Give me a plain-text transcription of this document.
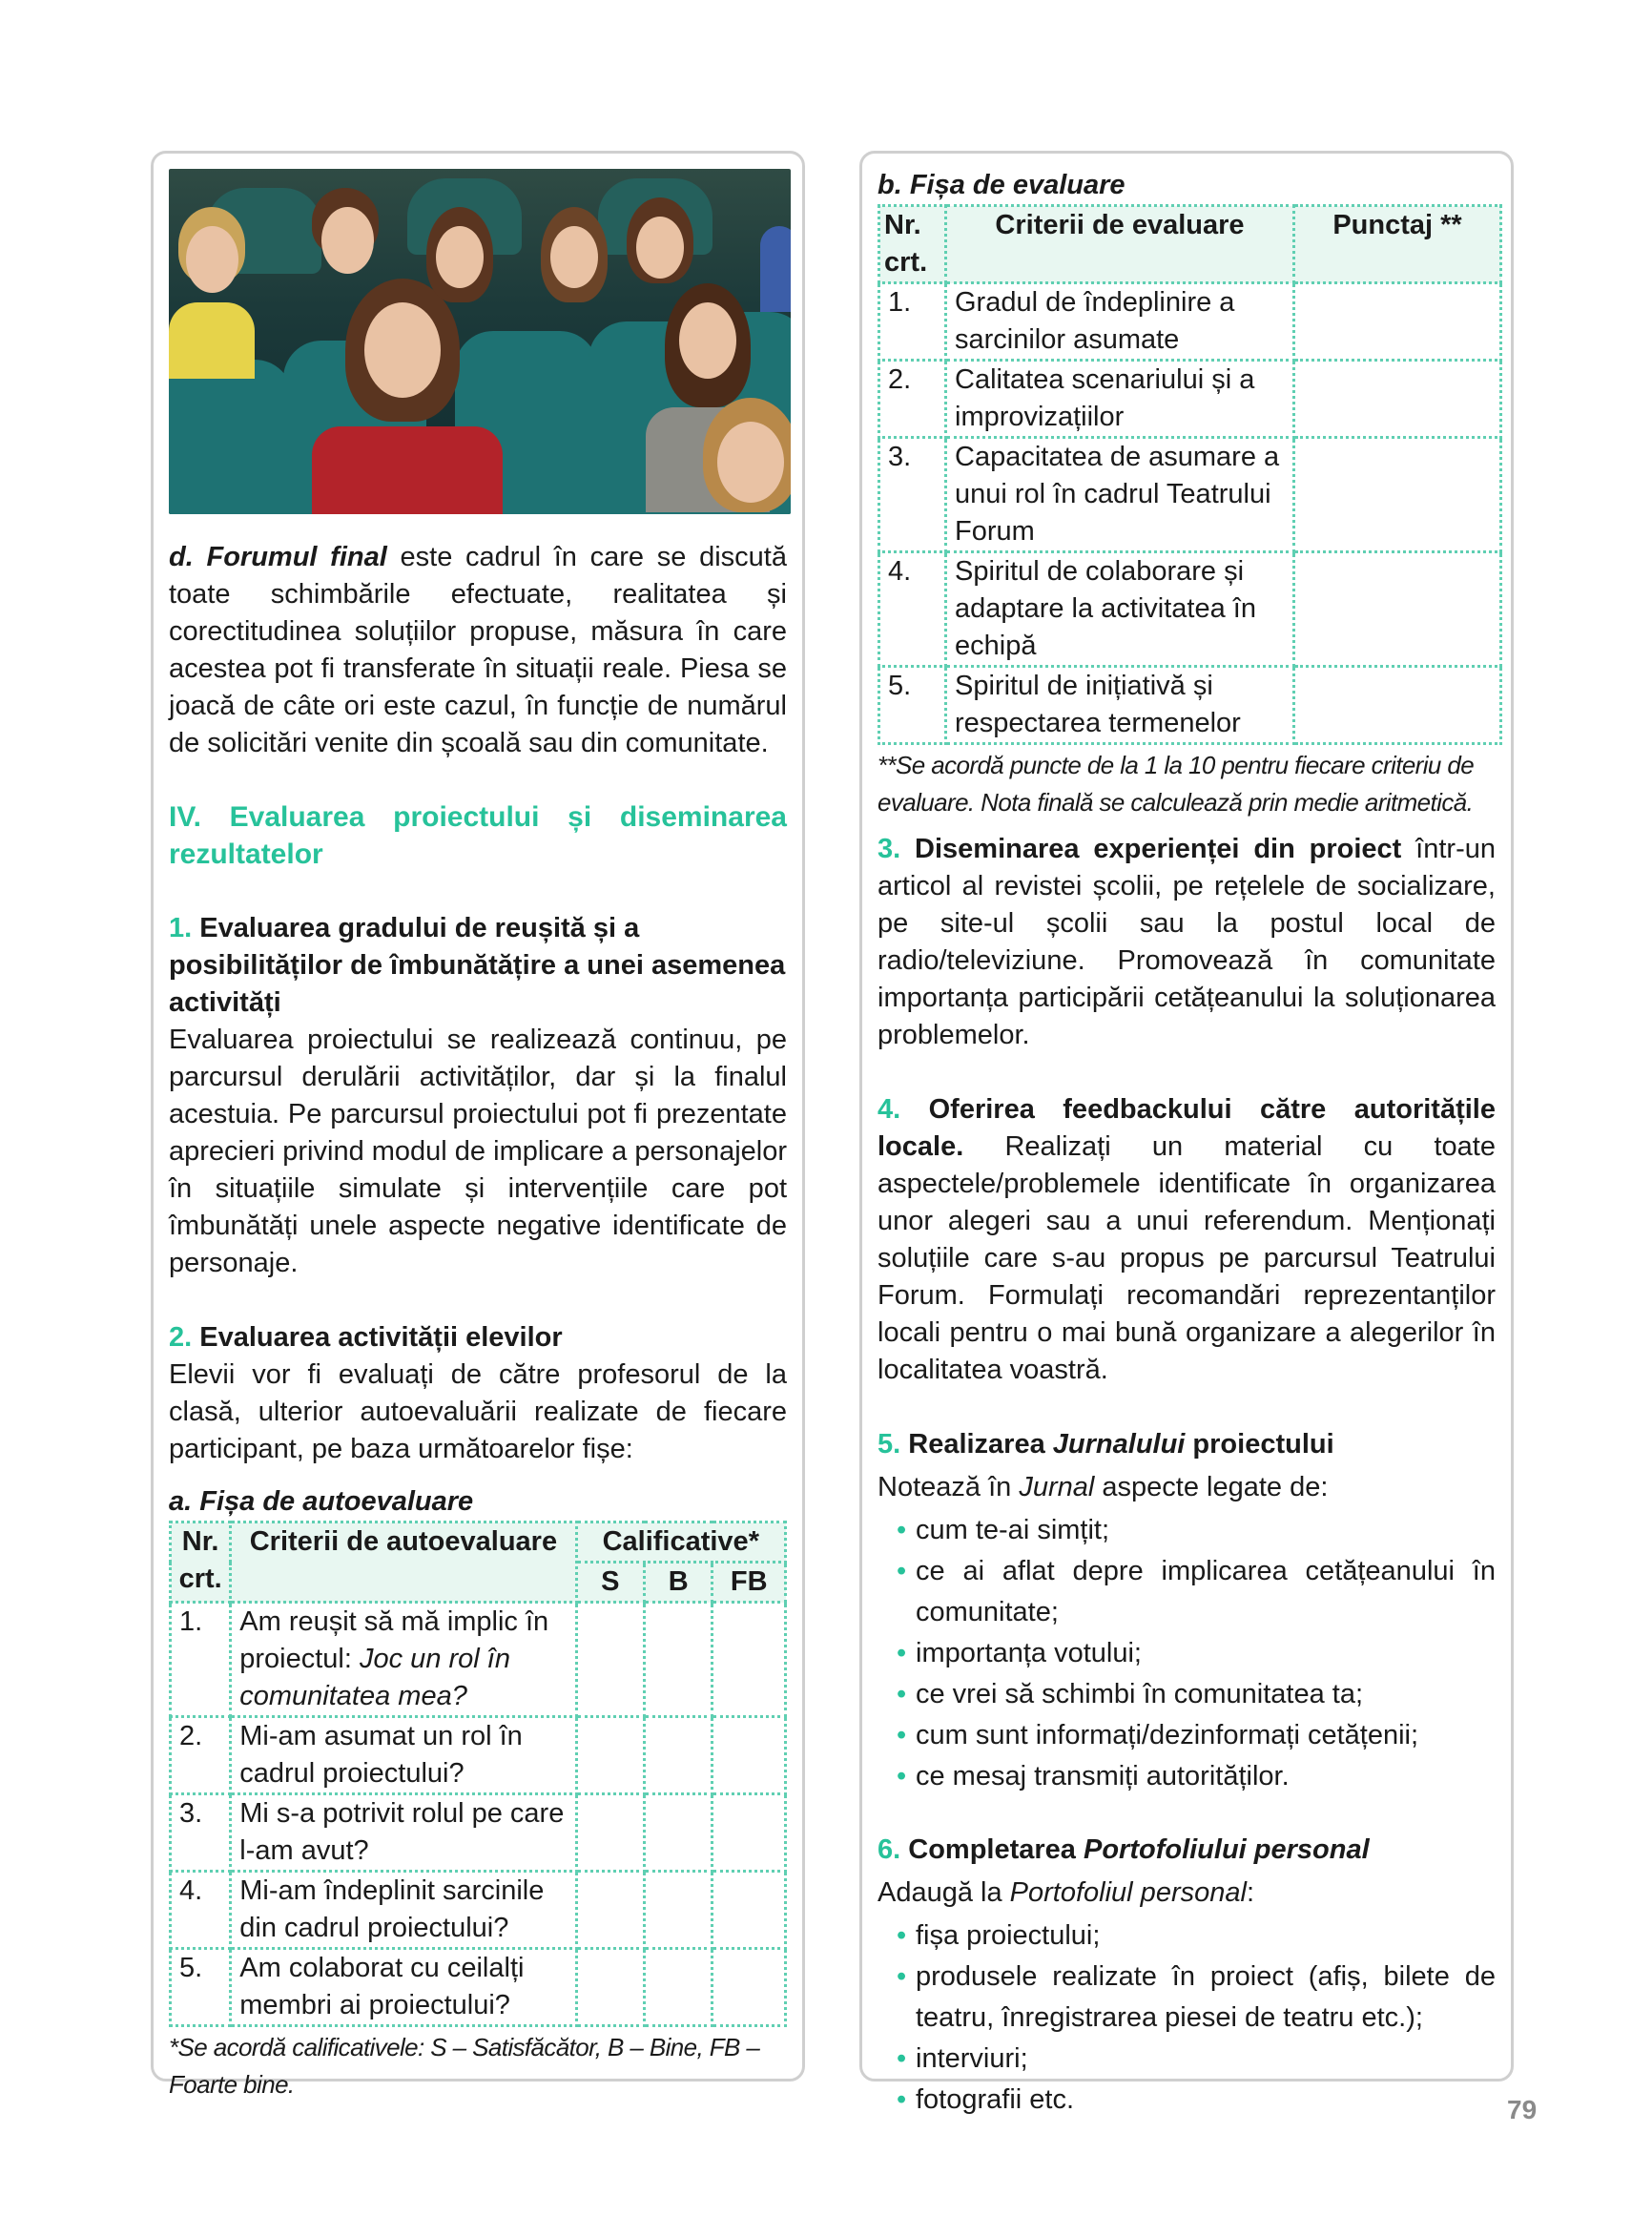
d. Forumul final este cadrul în care se discută toate schimbările efectuate, realitatea și corectitudinea soluțiilor propuse, măsura în care acestea pot fi transferate în situații reale. Piesa se joacă de câte ori este cazul, în funcție de numărul de solicitări venite din școală sau din comunitate.

IV. Evaluarea proiectului și diseminarea rezultatelor
1. Evaluarea gradului de reușită și a posibilităților de îmbunătățire a unei asemenea activități

Evaluarea proiectului se realizează continuu, pe parcursul derulării activităților, dar și la finalul acestuia. Pe parcursul proiectului pot fi prezentate aprecieri privind modul de implicare a personajelor în situațiile simulate și intervențiile care pot îmbunătăți unele aspecte negative identificate de personaje.

2. Evaluarea activității elevilor

Elevii vor fi evaluați de către profesorul de la clasă, ulterior autoevaluării realizate de fiecare participant, pe baza următoarelor fișe:

a. Fișa de autoevaluare
Nr. crt.	Criterii de autoevaluare	Calificative*		
		S	B	FB
1.	Am reușit să mă implic în proiectul: Joc un rol în comunitatea mea?			
2.	Mi-am asumat un rol în cadrul proiectului?			
3.	Mi s-a potrivit rolul pe care l-am avut?			
4.	Mi-am îndeplinit sarcinile din cadrul proiectului?			
5.	Am colaborat cu ceilalți membri ai proiectului?			
*Se acordă calificativele: S – Satisfăcător, B – Bine, FB – Foarte bine.
b. Fișa de evaluare
Nr. crt.	Criterii de evaluare	Punctaj **
1.	Gradul de îndeplinire a sarcinilor asumate	
2.	Calitatea scenariului și a improvizațiilor	
3.	Capacitatea de asumare a unui rol în cadrul Teatrului Forum	
4.	Spiritul de colaborare și adaptare la activitatea în echipă	
5.	Spiritul de inițiativă și respectarea termenelor	
**Se acordă puncte de la 1 la 10 pentru fiecare criteriu de evaluare. Nota finală se calculează prin medie aritmetică.

3. Diseminarea experienței din proiect într-un articol al revistei școlii, pe rețelele de socializare, pe site-ul școlii sau la postul local de radio/televiziune. Promovează în comunitate importanța participării cetățeanului la soluționarea problemelor.

4. Oferirea feedbackului către autoritățile locale. Realizați un material cu toate aspectele/problemele identificate în organizarea unor alegeri sau a unui referendum. Menționați soluțiile care s-au propus pe parcursul Teatrului Forum. Formulați recomandări reprezentanților locali pentru o mai bună organizare a alegerilor în localitatea voastră.

5. Realizarea Jurnalului proiectului

Notează în Jurnal aspecte legate de:

• cum te-ai simțit;
• ce ai aflat depre implicarea cetățeanului în comunitate;
• importanța votului;
• ce vrei să schimbi în comunitatea ta;
• cum sunt informați/dezinformați cetățenii;
• ce mesaj transmiți autorităților.
6. Completarea Portofoliului personal

Adaugă la Portofoliul personal:

• fișa proiectului;
• produsele realizate în proiect (afiș, bilete de teatru, înregistrarea piesei de teatru etc.);
• interviuri;
• fotografii etc.	79
